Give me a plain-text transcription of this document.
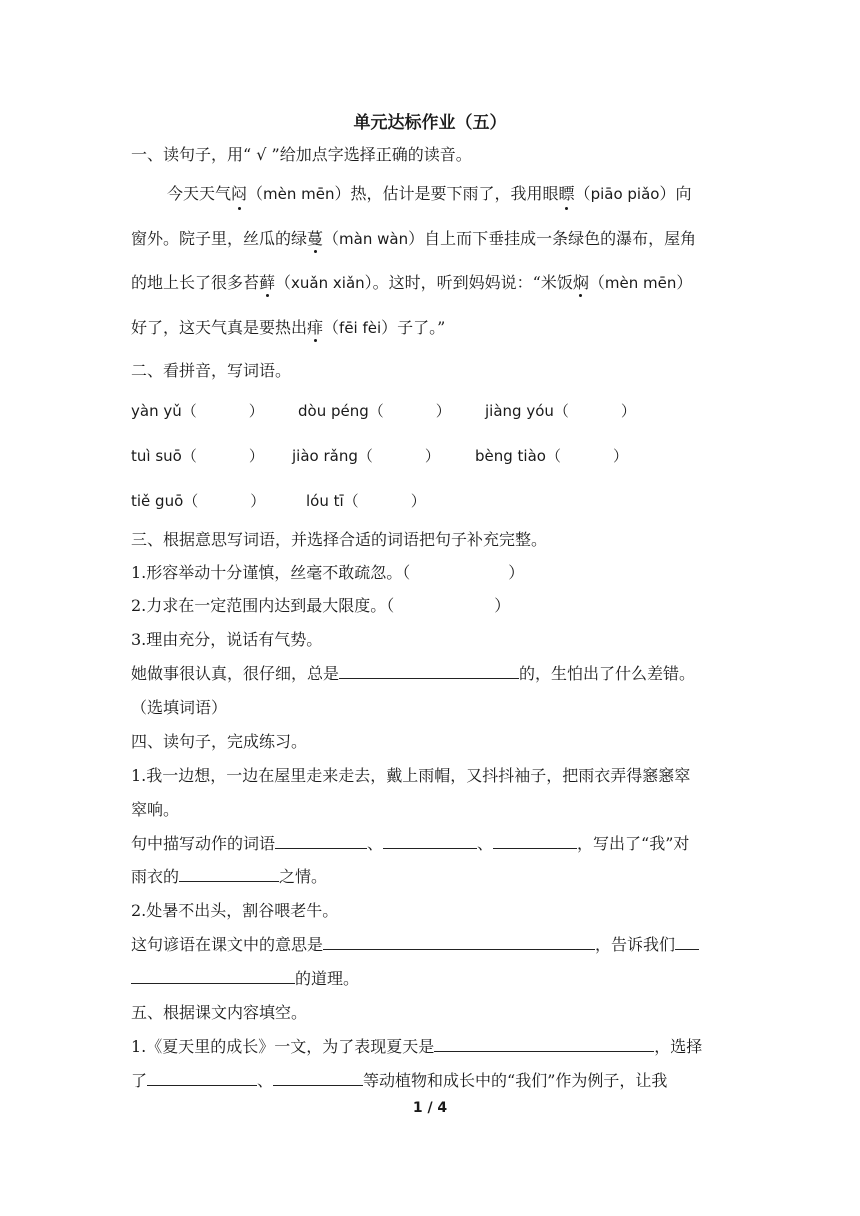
单元达标作业（五）
一、读句子，用“ √ ”给加点字选择正确的读音。
今天天气闷（mèn mēn）热，估计是要下雨了，我用眼瞟（piāo piǎo）向
窗外。院子里，丝瓜的绿蔓（màn wàn）自上而下垂挂成一条绿色的瀑布，屋角
的地上长了很多苔藓（xuǎn xiǎn）。这时，听到妈妈说：“米饭焖（mèn mēn）
好了，这天气真是要热出痱（fēi fèi）子了。”
二、看拼音，写词语。
yàn yǔ（	） dòu péng（	） jiàng yóu（	）
tuì suō（	） jiào rǎng（	） bèng tiào（	）
tiě guō（	）	lóu tī（	）
三、根据意思写词语，并选择合适的词语把句子补充完整。
1.形容举动十分谨慎，丝毫不敢疏忽。（	）
2.力求在一定范围内达到最大限度。（	）
3.理由充分，说话有气势。
她做事很认真，很仔细，总是	的，生怕出了什么差错。
（选填词语）
四、读句子，完成练习。
1.我一边想，一边在屋里走来走去，戴上雨帽，又抖抖袖子，把雨衣弄得窸窸窣
窣响。
句中描写动作的词语	、	、	，写出了“我”对
雨衣的	之情。
2.处暑不出头，割谷喂老牛。
这句谚语在课文中的意思是	，告诉我们
的道理。
五、根据课文内容填空。
1.《夏天里的成长》一文，为了表现夏天是	，选择
了	、	等动植物和成长中的“我们”作为例子，让我
1 / 4
